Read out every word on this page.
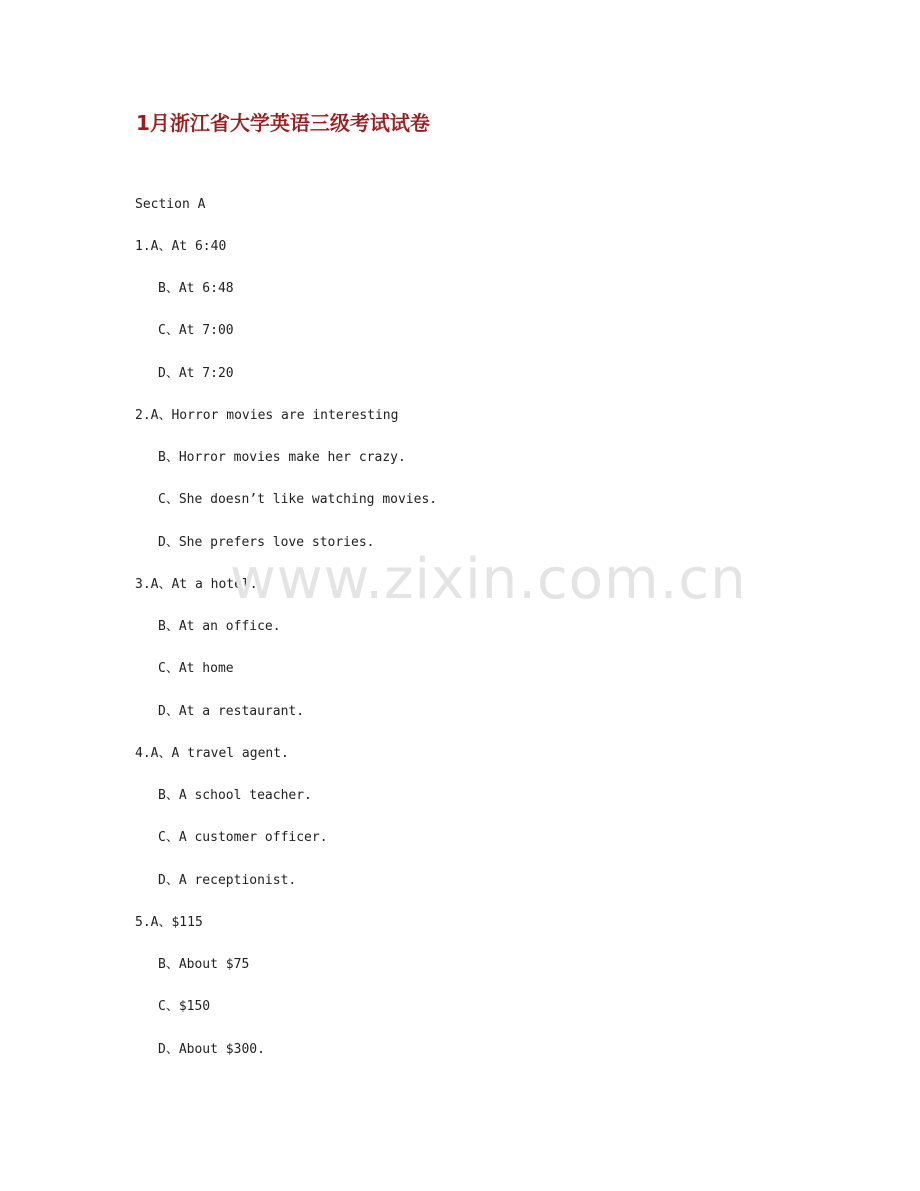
1月浙江省大学英语三级考试试卷
Section A
1.A、At 6:40
B、At 6:48
C、At 7:00
D、At 7:20
2.A、Horror movies are interesting
B、Horror movies make her crazy.
C、She doesn’t like watching movies.
D、She prefers love stories.
3.A、At a hotel.
B、At an office.
C、At home
D、At a restaurant.
4.A、A travel agent.
B、A school teacher.
C、A customer officer.
D、A receptionist.
5.A、$115
B、About $75
C、$150
D、About $300.
www.zixin.com.cn
